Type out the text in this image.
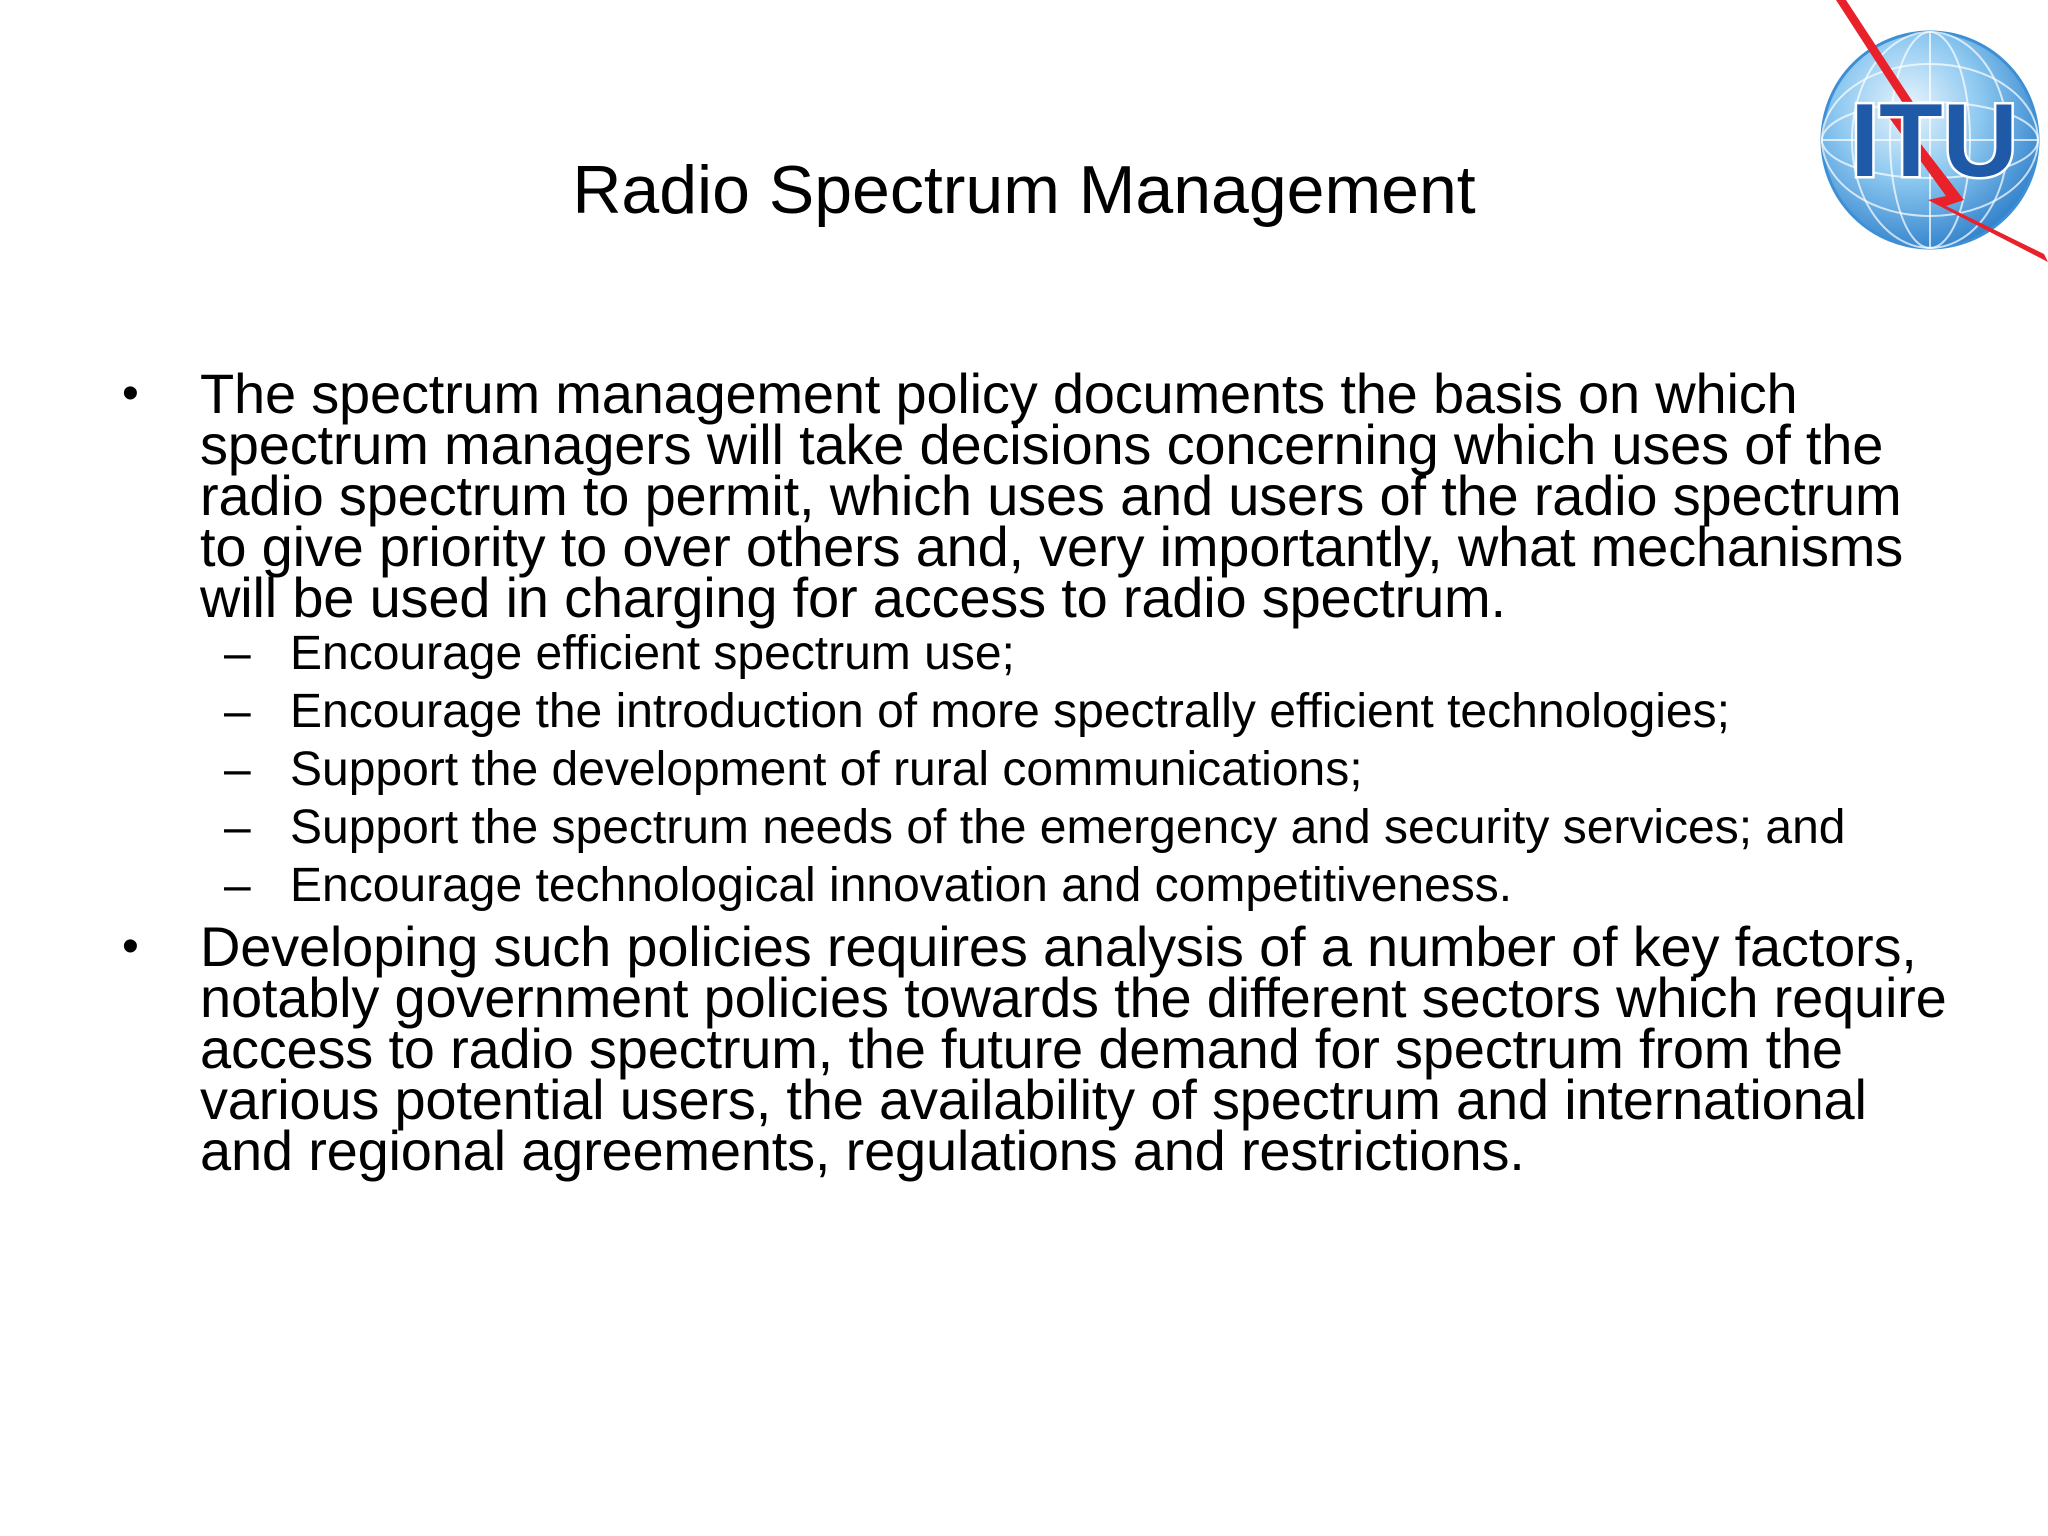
Radio Spectrum Management	ITU
•	The spectrum management policy documents the basis on which spectrum managers will take decisions concerning which uses of the radio spectrum to permit, which uses and users of the radio spectrum to give priority to over others and, very importantly, what mechanisms will be used in charging for access to radio spectrum.
– Encourage efficient spectrum use;
– Encourage the introduction of more spectrally efficient technologies;
– Support the development of rural communications;
– Support the spectrum needs of the emergency and security services; and
– Encourage technological innovation and competitiveness.
•	Developing such policies requires analysis of a number of key factors, notably government policies towards the different sectors which require access to radio spectrum, the future demand for spectrum from the various potential users, the availability of spectrum and international and regional agreements, regulations and restrictions.
